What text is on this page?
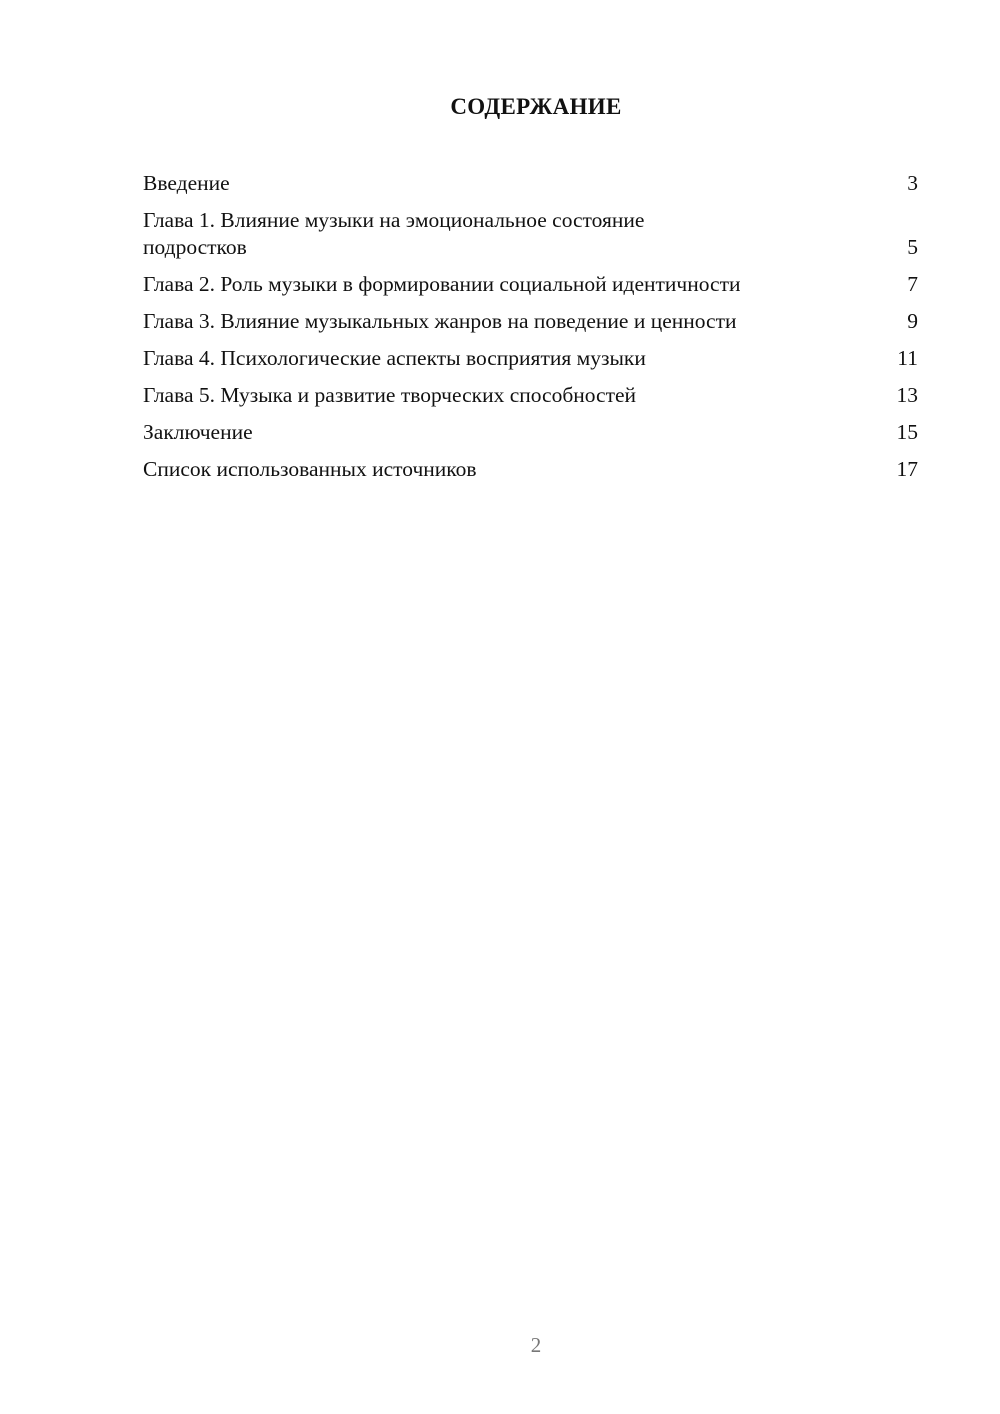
СОДЕРЖАНИЕ
Введение	3
Глава 1. Влияние музыки на эмоциональное состояние подростков	5
Глава 2. Роль музыки в формировании социальной идентичности	7
Глава 3. Влияние музыкальных жанров на поведение и ценности	9
Глава 4. Психологические аспекты восприятия музыки	11
Глава 5. Музыка и развитие творческих способностей	13
Заключение	15
Список использованных источников	17
2
